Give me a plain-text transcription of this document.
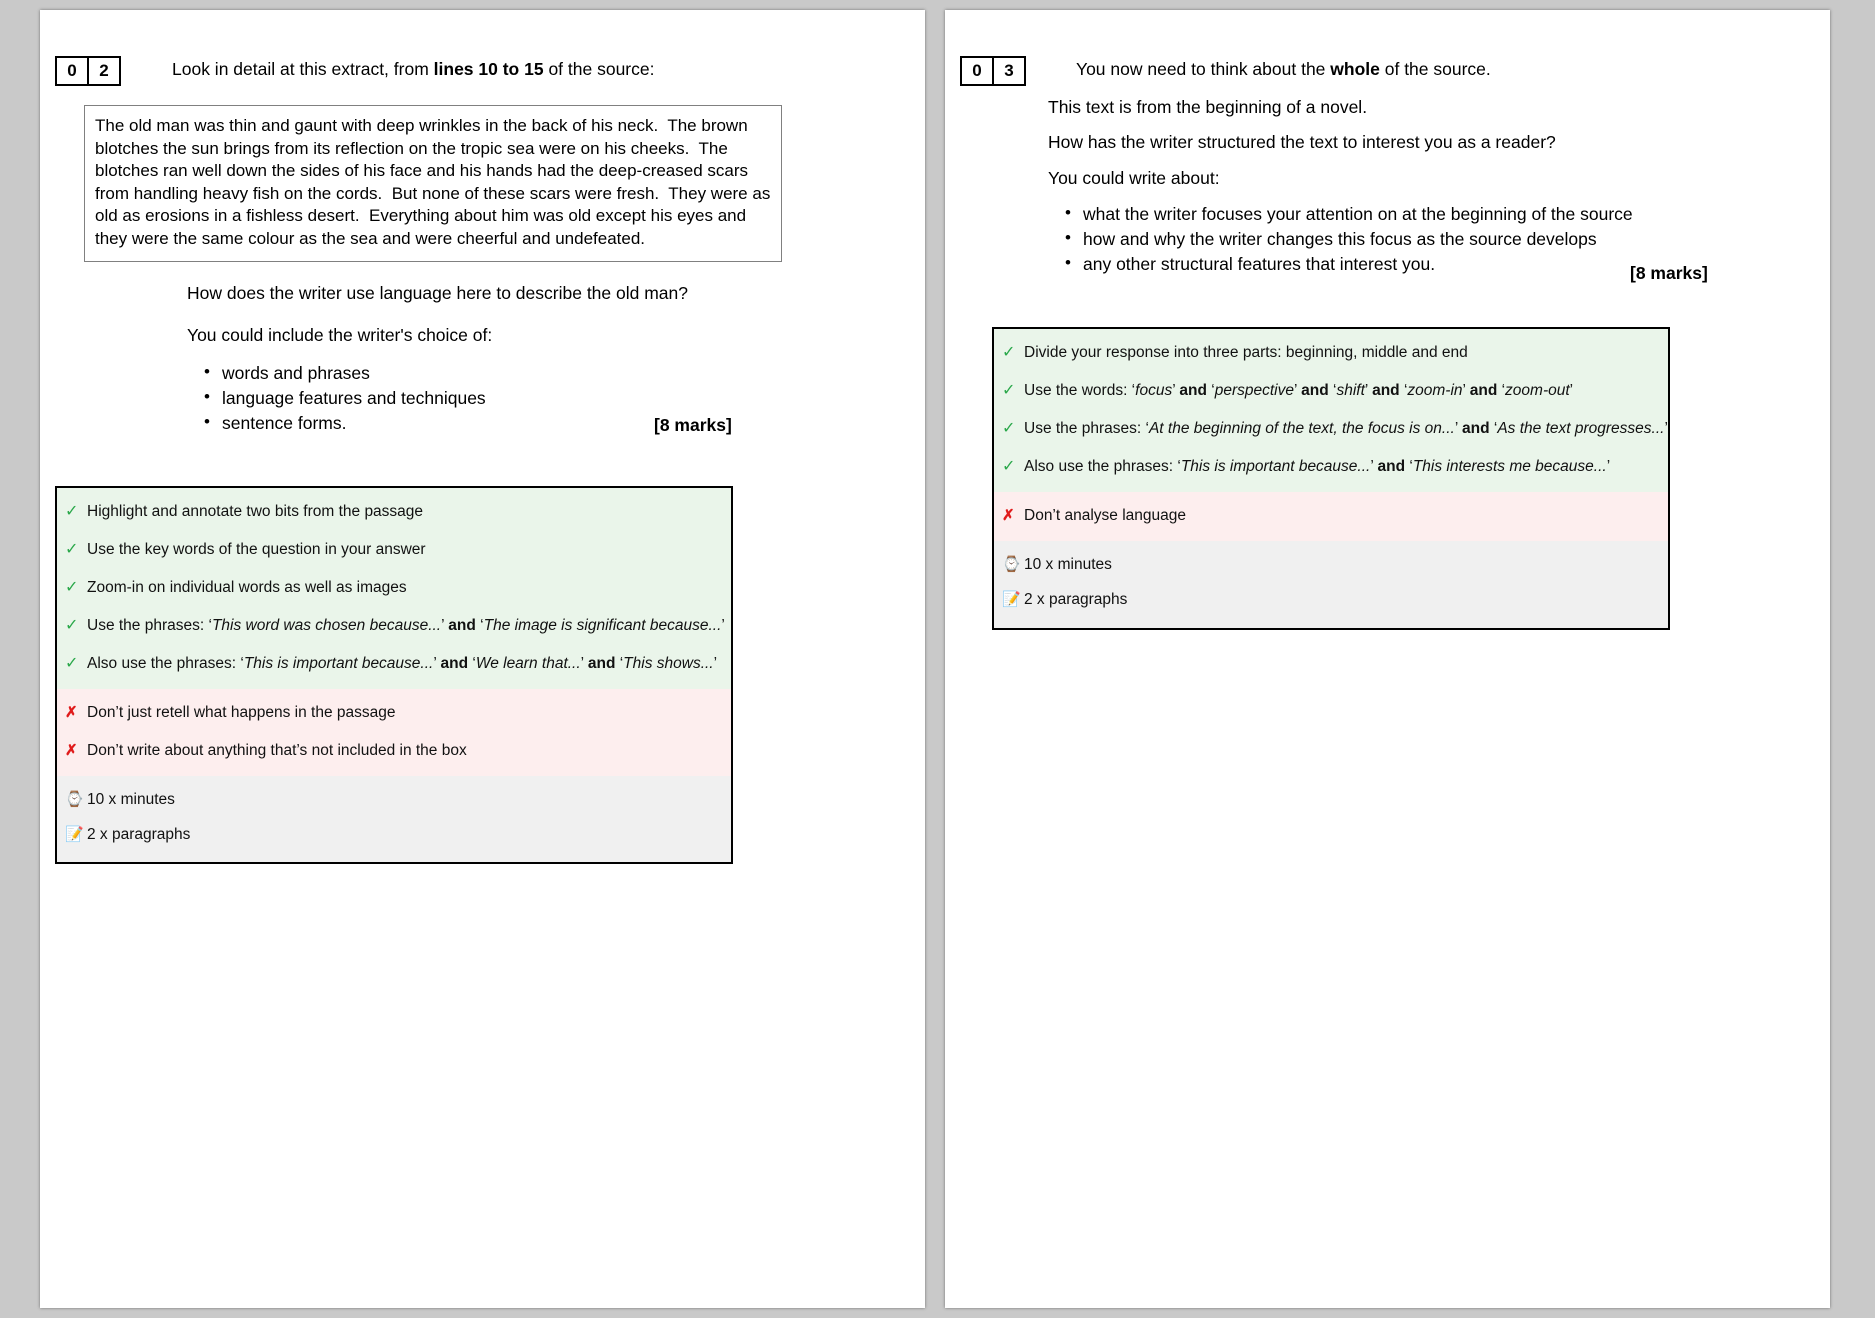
0	2	Look in detail at this extract, from lines 10 to 15 of the source:

The old man was thin and gaunt with deep wrinkles in the back of his neck.  The brown blotches the sun brings from its reflection on the tropic sea were on his cheeks.  The blotches ran well down the sides of his face and his hands had the deep-creased scars from handling heavy fish on the cords.  But none of these scars were fresh.  They were as old as erosions in a fishless desert.  Everything about him was old except his eyes and they were the same colour as the sea and were cheerful and undefeated.

How does the writer use language here to describe the old man?
You could include the writer's choice of:
• words and phrases
• language features and techniques
• sentence forms.	[8 marks]
✓ Highlight and annotate two bits from the passage
✓ Use the key words of the question in your answer
✓ Zoom-in on individual words as well as images
✓ Use the phrases: ‘This word was chosen because...’ and ‘The image is significant because...’
✓ Also use the phrases: ‘This is important because...’ and ‘We learn that...’ and ‘This shows...’
✗ Don’t just retell what happens in the passage
✗ Don’t write about anything that’s not included in the box
⌚ 10 x minutes
📝 2 x paragraphs
0	3	You now need to think about the whole of the source.
This text is from the beginning of a novel.
How has the writer structured the text to interest you as a reader?
You could write about:
• what the writer focuses your attention on at the beginning of the source
• how and why the writer changes this focus as the source develops
• any other structural features that interest you.	[8 marks]
✓ Divide your response into three parts: beginning, middle and end
✓ Use the words: ‘focus’ and ‘perspective’ and ‘shift’ and ‘zoom-in’ and ‘zoom-out’
✓ Use the phrases: ‘At the beginning of the text, the focus is on...’ and ‘As the text progresses...’
✓ Also use the phrases: ‘This is important because...’ and ‘This interests me because...’
✗ Don’t analyse language
⌚ 10 x minutes
📝 2 x paragraphs
